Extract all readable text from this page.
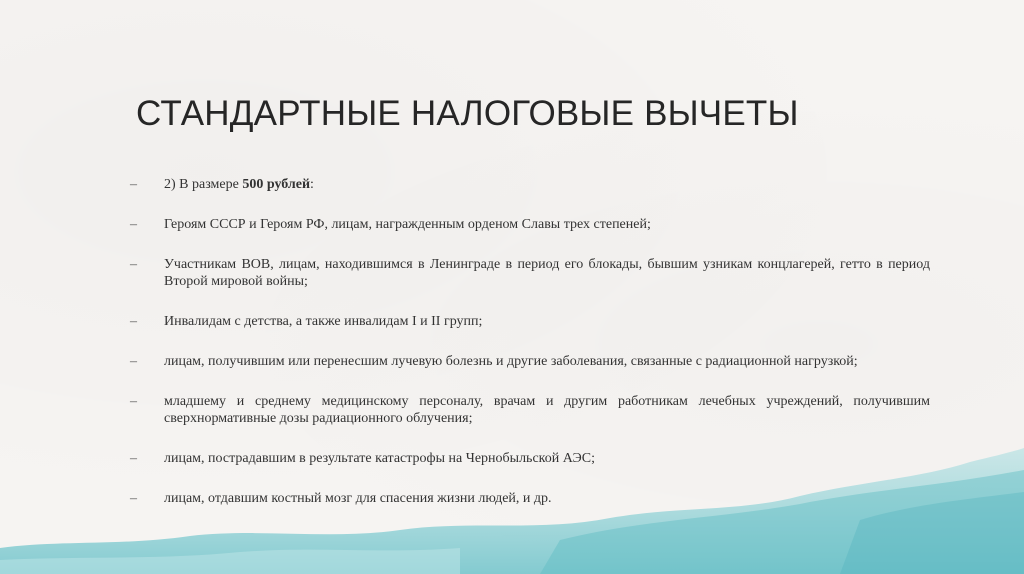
СТАНДАРТНЫЕ НАЛОГОВЫЕ ВЫЧЕТЫ
–	2) В размере 500 рублей:
–	Героям СССР и Героям РФ, лицам, награжденным орденом Славы трех степеней;
–	Участникам ВОВ, лицам, находившимся в Ленинграде в период его блокады, бывшим узникам концлагерей, гетто в период Второй мировой войны;
–	Инвалидам с детства, а также инвалидам I и II групп;
–	лицам, получившим или перенесшим лучевую болезнь и другие заболевания, связанные с радиационной нагрузкой;
–	младшему и среднему медицинскому персоналу, врачам и другим работникам лечебных учреждений, получившим сверхнормативные дозы радиационного облучения;
–	лицам, пострадавшим в результате катастрофы на Чернобыльской АЭС;
–	лицам, отдавшим костный мозг для спасения жизни людей, и др.
